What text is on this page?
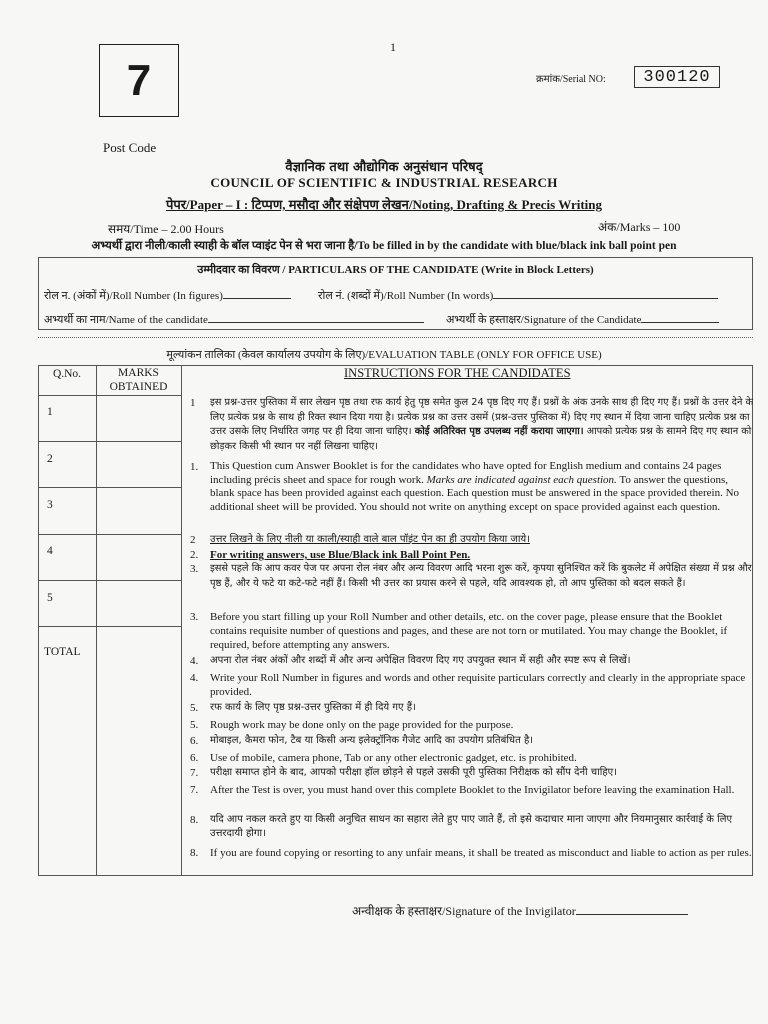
1
7	क्रमांक/Serial NO:	300120
Post Code
वैज्ञानिक तथा औद्योगिक अनुसंधान परिषद्
COUNCIL OF SCIENTIFIC & INDUSTRIAL RESEARCH
पेपर/Paper – I : टिप्पण, मसौदा और संक्षेपण लेखन/Noting, Drafting & Precis Writing
समय/Time – 2.00 Hours	अंक/Marks – 100
अभ्यर्थी द्वारा नीली/काली स्याही के बॉल प्वाइंट पेन से भरा जाना है/To be filled in by the candidate with blue/black ink ball point pen
उम्मीदवार का विवरण / PARTICULARS OF THE CANDIDATE (Write in Block Letters)
रोल न. (अंकों में)/Roll Number (In figures)	रोल नं. (शब्दों में)/Roll Number (In words)
अभ्यर्थी का नाम/Name of the candidate	अभ्यर्थी के हस्ताक्षर/Signature of the Candidate
मूल्यांकन तालिका (केवल कार्यालय उपयोग के लिए)/EVALUATION TABLE (ONLY FOR OFFICE USE)
Q.No.	MARKS
OBTAINED
1
2
3
4
5
TOTAL
INSTRUCTIONS FOR THE CANDIDATES
1	इस प्रश्न-उत्तर पुस्तिका में सार लेखन पृष्ठ तथा रफ कार्य हेतु पृष्ठ समेत कुल 24 पृष्ठ दिए गए हैं। प्रश्नों के अंक उनके साथ ही दिए गए हैं। प्रश्नों के उत्तर देने के लिए प्रत्येक प्रश्न के साथ ही रिक्त स्थान दिया गया है। प्रत्येक प्रश्न का उत्तर उसमें (प्रश्न-उत्तर पुस्तिका में) दिए गए स्थान में दिया जाना चाहिए प्रत्येक प्रश्न का उत्तर उसके लिए निर्धारित जगह पर ही दिया जाना चाहिए। कोई अतिरिक्त पृष्ठ उपलब्ध नहीं कराया जाएगा। आपको प्रत्येक प्रश्न के सामने दिए गए स्थान को छोड़कर किसी भी स्थान पर नहीं लिखना चाहिए।
1.	This Question cum Answer Booklet is for the candidates who have opted for English medium and contains 24 pages including précis sheet and space for rough work. Marks are indicated against each question. To answer the questions, blank space has been provided against each question. Each question must be answered in the space provided therein. No additional sheet will be provided. You should not write on anything except on space provided against each question.
2	उत्तर लिखने के लिए नीली या काली/स्याही वाले बाल पॉइंट पेन का ही उपयोग किया जाये।
2.	For writing answers, use Blue/Black ink Ball Point Pen.
3.	इससे पहले कि आप कवर पेज पर अपना रोल नंबर और अन्य विवरण आदि भरना शुरू करें, कृपया सुनिश्चित करें कि बुकलेट में अपेक्षित संख्या में प्रश्न और पृष्ठ हैं, और ये फटे या कटे-फटे नहीं हैं। किसी भी उत्तर का प्रयास करने से पहले, यदि आवश्यक हो, तो आप पुस्तिका को बदल सकते हैं।
3.	Before you start filling up your Roll Number and other details, etc. on the cover page, please ensure that the Booklet contains requisite number of questions and pages, and these are not torn or mutilated. You may change the Booklet, if required, before attempting any answers.
4.	अपना रोल नंबर अंकों और शब्दों में और अन्य अपेक्षित विवरण दिए गए उपयुक्त स्थान में सही और स्पष्ट रूप से लिखें।
4.	Write your Roll Number in figures and words and other requisite particulars correctly and clearly in the appropriate space provided.
5.	रफ कार्य के लिए पृष्ठ प्रश्न-उत्तर पुस्तिका में ही दिये गए हैं।
5.	Rough work may be done only on the page provided for the purpose.
6.	मोबाइल, कैमरा फोन, टैब या किसी अन्य इलेक्ट्रॉनिक गैजेट आदि का उपयोग प्रतिबंधित है।
6.	Use of mobile, camera phone, Tab or any other electronic gadget, etc. is prohibited.
7.	परीक्षा समाप्त होने के बाद, आपको परीक्षा हॉल छोड़ने से पहले उसकी पूरी पुस्तिका निरीक्षक को सौंप देनी चाहिए।
7.	After the Test is over, you must hand over this complete Booklet to the Invigilator before leaving the examination Hall.
8.	यदि आप नकल करते हुए या किसी अनुचित साधन का सहारा लेते हुए पाए जाते हैं, तो इसे कदाचार माना जाएगा और नियमानुसार कार्रवाई के लिए उत्तरदायी होगा।
8.	If you are found copying or resorting to any unfair means, it shall be treated as misconduct and liable to action as per rules.
अन्वीक्षक के हस्ताक्षर/Signature of the Invigilator
